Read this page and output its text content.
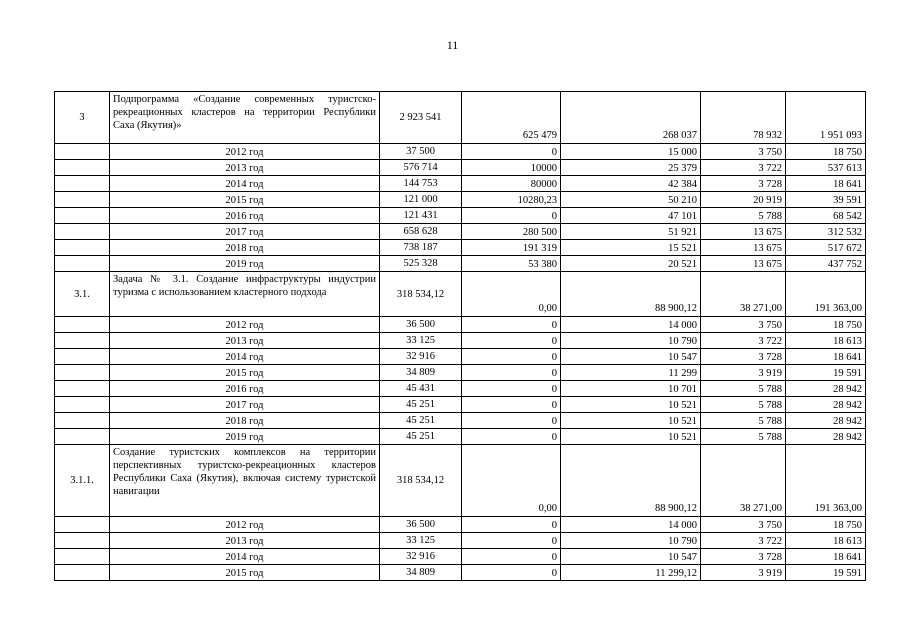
11
3	Подпрограмма «Создание современных туристско-рекреационных кластеров на территории Республики Саха (Якутия)»	2 923 541	625 479	268 037	78 932	1 951 093
	2012 год	37 500	0	15 000	3 750	18 750
	2013 год	576 714	10000	25 379	3 722	537 613
	2014 год	144 753	80000	42 384	3 728	18 641
	2015 год	121 000	10280,23	50 210	20 919	39 591
	2016 год	121 431	0	47 101	5 788	68 542
	2017 год	658 628	280 500	51 921	13 675	312 532
	2018 год	738 187	191 319	15 521	13 675	517 672
	2019 год	525 328	53 380	20 521	13 675	437 752
3.1.	Задача № 3.1. Создание инфраструктуры индустрии туризма с использованием кластерного подхода	318 534,12	0,00	88 900,12	38 271,00	191 363,00
	2012 год	36 500	0	14 000	3 750	18 750
	2013 год	33 125	0	10 790	3 722	18 613
	2014 год	32 916	0	10 547	3 728	18 641
	2015 год	34 809	0	11 299	3 919	19 591
	2016 год	45 431	0	10 701	5 788	28 942
	2017 год	45 251	0	10 521	5 788	28 942
	2018 год	45 251	0	10 521	5 788	28 942
	2019 год	45 251	0	10 521	5 788	28 942
3.1.1.	Создание туристских комплексов на территории перспективных туристско-рекреационных кластеров Республики Саха (Якутия), включая систему туристской навигации	318 534,12	0,00	88 900,12	38 271,00	191 363,00
	2012 год	36 500	0	14 000	3 750	18 750
	2013 год	33 125	0	10 790	3 722	18 613
	2014 год	32 916	0	10 547	3 728	18 641
	2015 год	34 809	0	11 299,12	3 919	19 591
